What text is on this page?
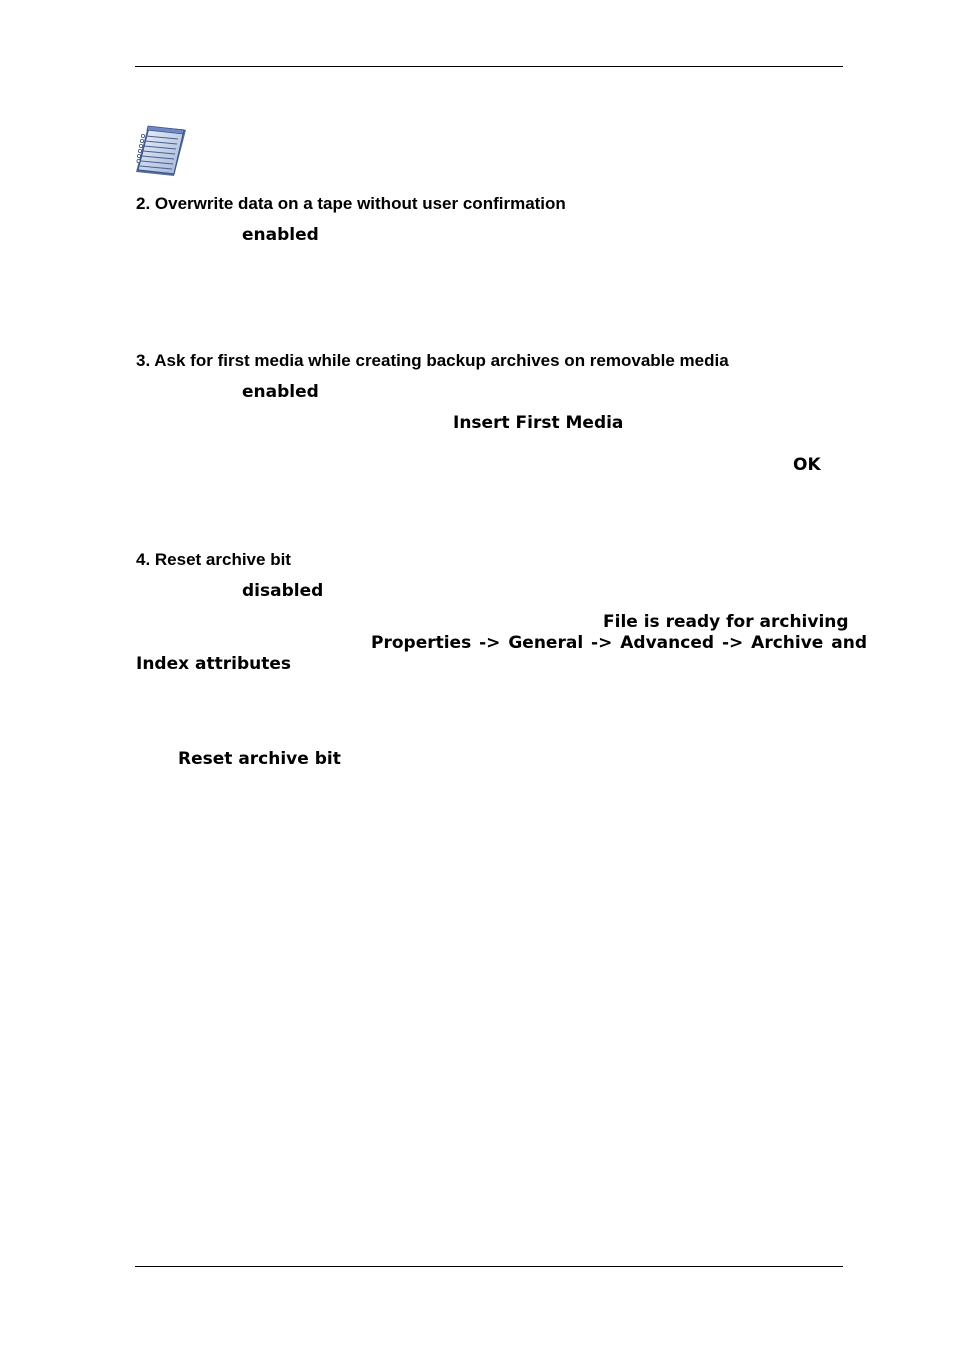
2. Overwrite data on a tape without user confirmation
enabled
3. Ask for first media while creating backup archives on removable media
enabled
Insert First Media
OK
4. Reset archive bit
disabled
File is ready for archiving
Properties -> General -> Advanced -> Archive and
Index attributes
Reset archive bit
